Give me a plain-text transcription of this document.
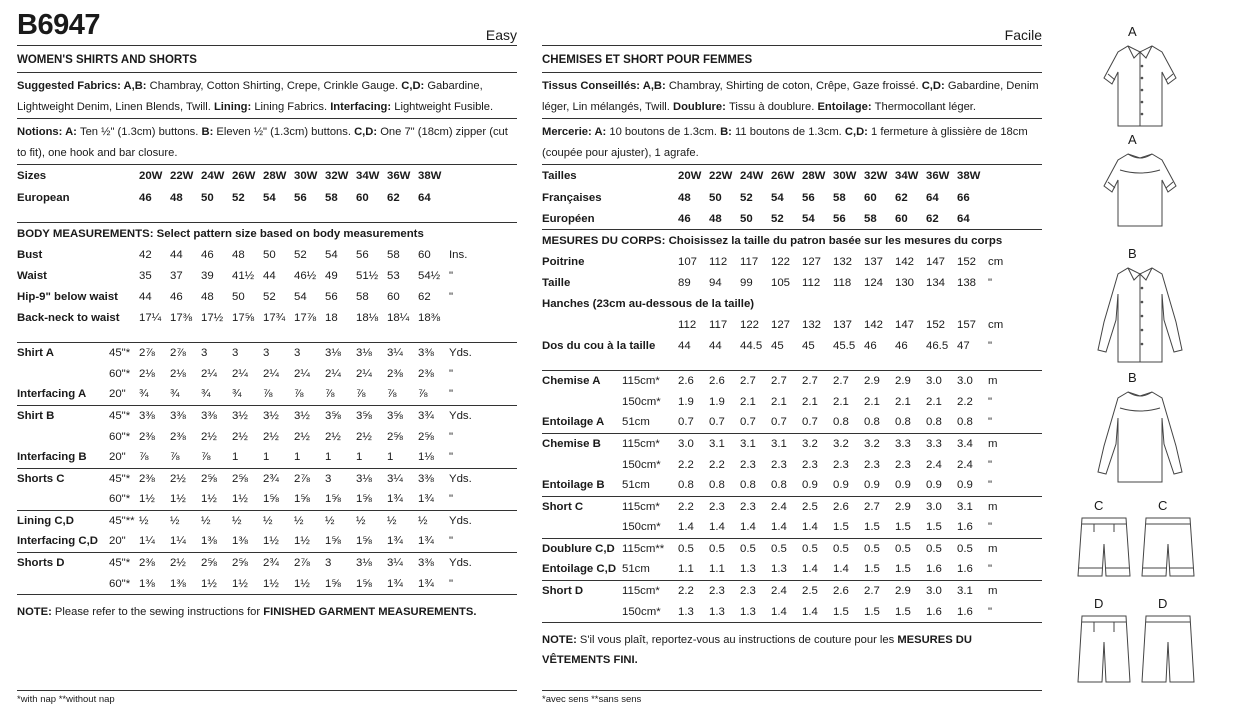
B6947	Easy
WOMEN'S SHIRTS AND SHORTS
Suggested Fabrics: A,B: Chambray, Cotton Shirting, Crepe, Crinkle Gauge. C,D: Gabardine, Lightweight Denim, Linen Blends, Twill. Lining: Lining Fabrics. Interfacing: Lightweight Fusible.
Notions: A: Ten ½" (1.3cm) buttons. B: Eleven ½" (1.3cm) buttons. C,D: One 7" (18cm) zipper (cut to fit), one hook and bar closure.
Sizes	20W	22W	24W	26W	28W	30W	32W	34W	36W	38W	
European	46	48	50	52	54	56	58	60	62	64	

BODY MEASUREMENTS: Select pattern size based on body measurements
Bust	42	44	46	48	50	52	54	56	58	60	Ins.
Waist	35	37	39	41½	44	46½	49	51½	53	54½	"
Hip-9" below waist	44	46	48	50	52	54	56	58	60	62	"
Back-neck to waist	17¼	17⅜	17½	17⅝	17¾	17⅞	18	18⅛	18¼	18⅜	

Shirt A	45"*	2⅞	2⅞	3	3	3	3	3⅛	3⅛	3¼	3⅜	Yds.
	60"*	2⅛	2⅛	2¼	2¼	2¼	2¼	2¼	2¼	2⅜	2⅜	"
Interfacing A	20"	¾	¾	¾	¾	⅞	⅞	⅞	⅞	⅞	⅞	"
Shirt B	45"*	3⅜	3⅜	3⅜	3½	3½	3½	3⅝	3⅝	3⅝	3¾	Yds.
	60"*	2⅜	2⅜	2½	2½	2½	2½	2½	2½	2⅝	2⅝	"
Interfacing B	20"	⅞	⅞	⅞	1	1	1	1	1	1	1⅛	"
Shorts C	45"*	2⅜	2½	2⅝	2⅝	2¾	2⅞	3	3⅛	3¼	3⅜	Yds.
	60"*	1½	1½	1½	1½	1⅝	1⅝	1⅝	1⅝	1¾	1¾	"
Lining C,D	45"**	½	½	½	½	½	½	½	½	½	½	Yds.
Interfacing C,D	20"	1¼	1¼	1⅜	1⅜	1½	1½	1⅝	1⅝	1¾	1¾	"
Shorts D	45"*	2⅜	2½	2⅝	2⅝	2¾	2⅞	3	3⅛	3¼	3⅜	Yds.
	60"*	1⅜	1⅜	1½	1½	1½	1½	1⅝	1⅝	1¾	1¾	"
NOTE: Please refer to the sewing instructions for FINISHED GARMENT MEASUREMENTS.
*with nap **without nap
Facile
CHEMISES ET SHORT POUR FEMMES
Tissus Conseillés: A,B: Chambray, Shirting de coton, Crêpe, Gaze froissé. C,D: Gabardine, Denim léger, Lin mélangés, Twill. Doublure: Tissu à doublure. Entoilage: Thermocollant léger.
Mercerie: A: 10 boutons de 1.3cm. B: 11 boutons de 1.3cm. C,D: 1 fermeture à glissière de 18cm (coupée pour ajuster), 1 agrafe.
Tailles	20W	22W	24W	26W	28W	30W	32W	34W	36W	38W	
Françaises	48	50	52	54	56	58	60	62	64	66	
Européen	46	48	50	52	54	56	58	60	62	64	
MESURES DU CORPS: Choisissez la taille du patron basée sur les mesures du corps
Poitrine	107	112	117	122	127	132	137	142	147	152	cm
Taille	89	94	99	105	112	118	124	130	134	138	"
Hanches (23cm au-dessous de la taille)											
	112	117	122	127	132	137	142	147	152	157	cm
Dos du cou à la taille	44	44	44.5	45	45	45.5	46	46	46.5	47	"

Chemise A	115cm*	2.6	2.6	2.7	2.7	2.7	2.7	2.9	2.9	3.0	3.0	m
	150cm*	1.9	1.9	2.1	2.1	2.1	2.1	2.1	2.1	2.1	2.2	"
Entoilage A	51cm	0.7	0.7	0.7	0.7	0.7	0.8	0.8	0.8	0.8	0.8	"
Chemise B	115cm*	3.0	3.1	3.1	3.1	3.2	3.2	3.2	3.3	3.3	3.4	m
	150cm*	2.2	2.2	2.3	2.3	2.3	2.3	2.3	2.3	2.4	2.4	"
Entoilage B	51cm	0.8	0.8	0.8	0.8	0.9	0.9	0.9	0.9	0.9	0.9	"
Short C	115cm*	2.2	2.3	2.3	2.4	2.5	2.6	2.7	2.9	3.0	3.1	m
	150cm*	1.4	1.4	1.4	1.4	1.4	1.5	1.5	1.5	1.5	1.6	"
Doublure C,D	115cm**	0.5	0.5	0.5	0.5	0.5	0.5	0.5	0.5	0.5	0.5	m
Entoilage C,D	51cm	1.1	1.1	1.3	1.3	1.4	1.4	1.5	1.5	1.6	1.6	"
Short D	115cm*	2.2	2.3	2.3	2.4	2.5	2.6	2.7	2.9	3.0	3.1	m
	150cm*	1.3	1.3	1.3	1.4	1.4	1.5	1.5	1.5	1.6	1.6	"
NOTE: S'il vous plaît, reportez-vous au instructions de couture pour les MESURES DU VÊTEMENTS FINI.
*avec sens **sans sens
A
A
B
B
C	C
D	D
